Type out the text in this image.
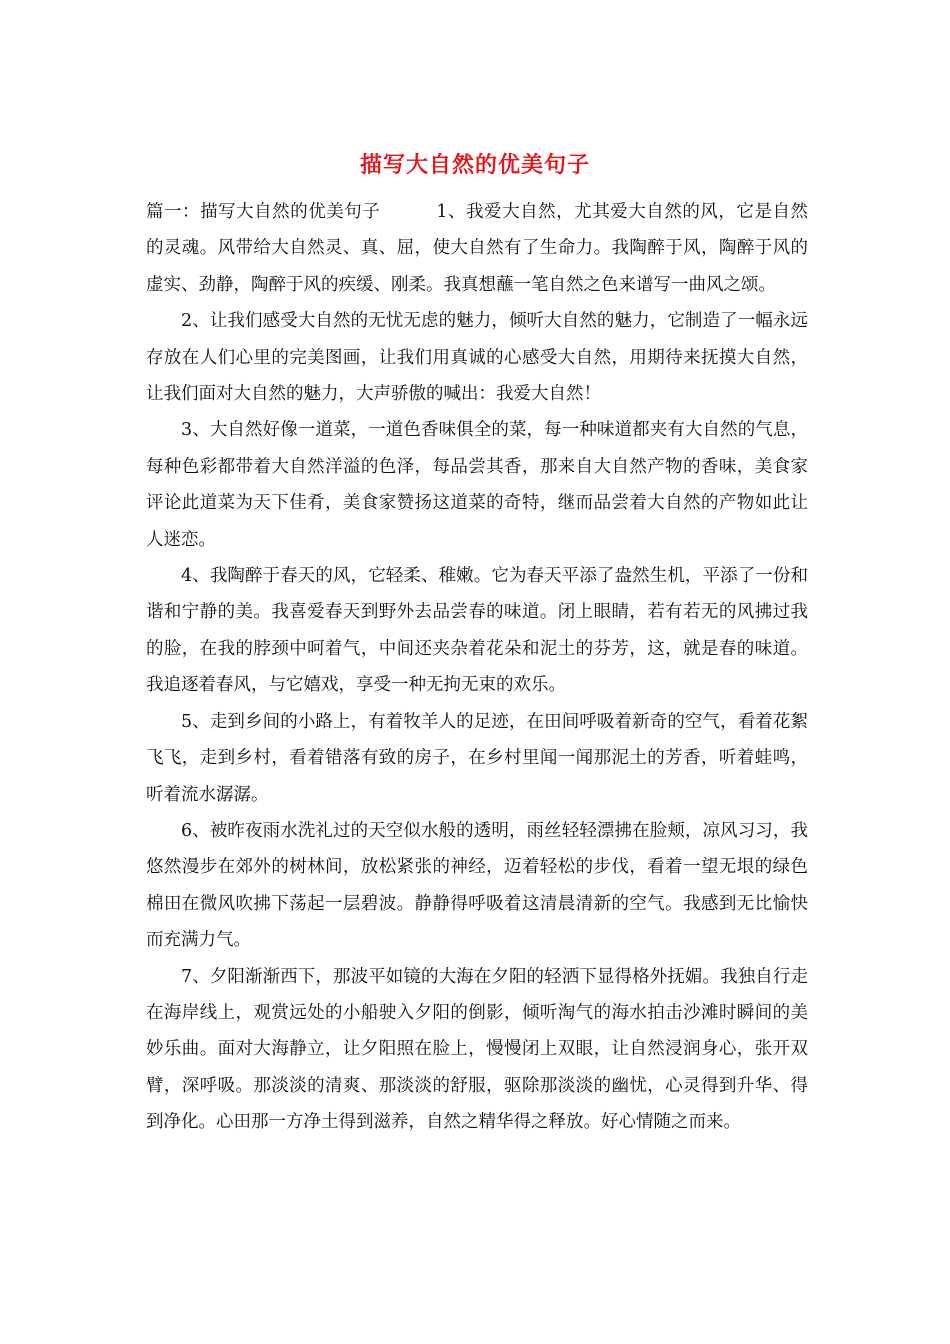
描写大自然的优美句子

篇一：描写大自然的优美句子	1、我爱大自然，尤其爱大自然的风，它是自然的灵魂。风带给大自然灵、真、屈，使大自然有了生命力。我陶醉于风，陶醉于风的虚实、劲静，陶醉于风的疾缓、刚柔。我真想蘸一笔自然之色来谱写一曲风之颂。

2、让我们感受大自然的无忧无虑的魅力，倾听大自然的魅力，它制造了一幅永远存放在人们心里的完美图画，让我们用真诚的心感受大自然，用期待来抚摸大自然，让我们面对大自然的魅力，大声骄傲的喊出：我爱大自然！

3、大自然好像一道菜，一道色香味俱全的菜，每一种味道都夹有大自然的气息，每种色彩都带着大自然洋溢的色泽，每品尝其香，那来自大自然产物的香味，美食家评论此道菜为天下佳肴，美食家赞扬这道菜的奇特，继而品尝着大自然的产物如此让人迷恋。

4、我陶醉于春天的风，它轻柔、稚嫩。它为春天平添了盎然生机，平添了一份和谐和宁静的美。我喜爱春天到野外去品尝春的味道。闭上眼睛，若有若无的风拂过我的脸，在我的脖颈中呵着气，中间还夹杂着花朵和泥土的芬芳，这，就是春的味道。我追逐着春风，与它嬉戏，享受一种无拘无束的欢乐。

5、走到乡间的小路上，有着牧羊人的足迹，在田间呼吸着新奇的空气，看着花絮飞飞，走到乡村，看着错落有致的房子，在乡村里闻一闻那泥土的芳香，听着蛙鸣，听着流水潺潺。

6、被昨夜雨水洗礼过的天空似水般的透明，雨丝轻轻漂拂在脸颊，凉风习习，我悠然漫步在郊外的树林间，放松紧张的神经，迈着轻松的步伐，看着一望无垠的绿色棉田在微风吹拂下荡起一层碧波。静静得呼吸着这清晨清新的空气。我感到无比愉快而充满力气。

7、夕阳渐渐西下，那波平如镜的大海在夕阳的轻洒下显得格外抚媚。我独自行走在海岸线上，观赏远处的小船驶入夕阳的倒影，倾听淘气的海水拍击沙滩时瞬间的美妙乐曲。面对大海静立，让夕阳照在脸上，慢慢闭上双眼，让自然浸润身心，张开双臂，深呼吸。那淡淡的清爽、那淡淡的舒服，驱除那淡淡的幽忧，心灵得到升华、得到净化。心田那一方净土得到滋养，自然之精华得之释放。好心情随之而来。
